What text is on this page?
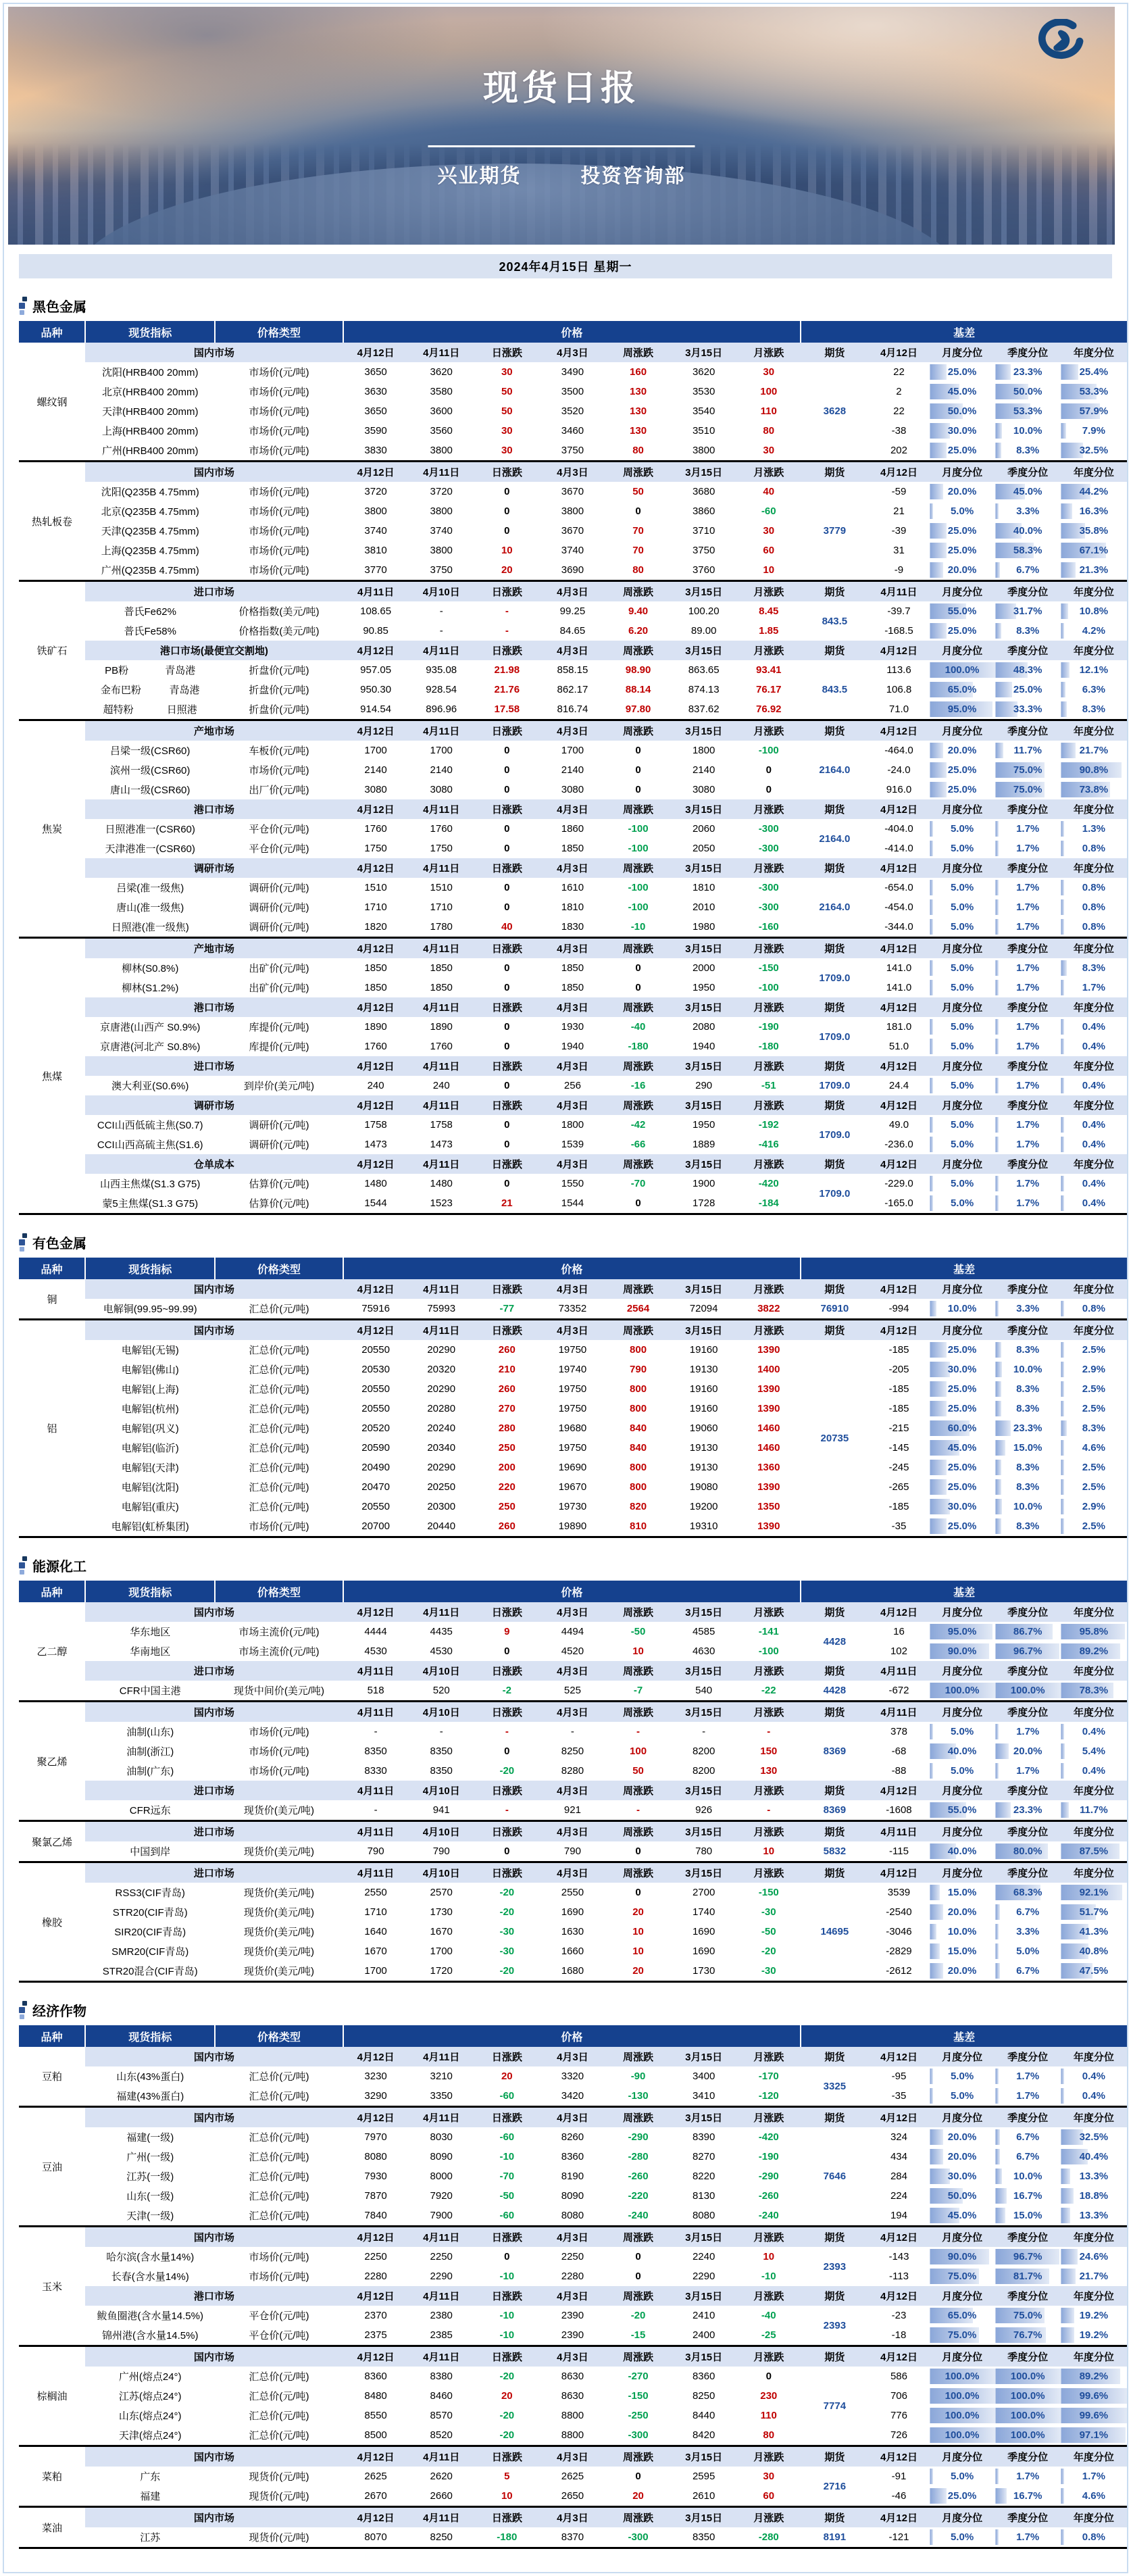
现货日报
兴业期货	投资咨询部
2024年4月15日 星期一
黑色金属
品种	现货指标	价格类型	价格							基差				
螺纹钢	国内市场		4月12日	4月11日	日涨跌	4月3日	周涨跌	3月15日	月涨跌	期货	4月12日	月度分位	季度分位	年度分位
	沈阳(HRB400 20mm)	市场价(元/吨)	3650	3620	30	3490	160	3620	30	3628	22	25.0%	23.3%	25.4%
	北京(HRB400 20mm)	市场价(元/吨)	3630	3580	50	3500	130	3530	100		2	45.0%	50.0%	53.3%
	天津(HRB400 20mm)	市场价(元/吨)	3650	3600	50	3520	130	3540	110		22	50.0%	53.3%	57.9%
	上海(HRB400 20mm)	市场价(元/吨)	3590	3560	30	3460	130	3510	80		-38	30.0%	10.0%	7.9%
	广州(HRB400 20mm)	市场价(元/吨)	3830	3800	30	3750	80	3800	30		202	25.0%	8.3%	32.5%
热轧板卷	国内市场		4月12日	4月11日	日涨跌	4月3日	周涨跌	3月15日	月涨跌	期货	4月12日	月度分位	季度分位	年度分位
	沈阳(Q235B 4.75mm)	市场价(元/吨)	3720	3720	0	3670	50	3680	40	3779	-59	20.0%	45.0%	44.2%
	北京(Q235B 4.75mm)	市场价(元/吨)	3800	3800	0	3800	0	3860	-60		21	5.0%	3.3%	16.3%
	天津(Q235B 4.75mm)	市场价(元/吨)	3740	3740	0	3670	70	3710	30		-39	25.0%	40.0%	35.8%
	上海(Q235B 4.75mm)	市场价(元/吨)	3810	3800	10	3740	70	3750	60		31	25.0%	58.3%	67.1%
	广州(Q235B 4.75mm)	市场价(元/吨)	3770	3750	20	3690	80	3760	10		-9	20.0%	6.7%	21.3%
铁矿石	进口市场		4月11日	4月10日	日涨跌	4月3日	周涨跌	3月15日	月涨跌	期货	4月11日	月度分位	季度分位	年度分位
	普氏Fe62%	价格指数(美元/吨)	108.65	-	-	99.25	9.40	100.20	8.45	843.5	-39.7	55.0%	31.7%	10.8%
	普氏Fe58%	价格指数(美元/吨)	90.85	-	-	84.65	6.20	89.00	1.85		-168.5	25.0%	8.3%	4.2%
	港口市场(最便宜交割地)		4月12日	4月11日	日涨跌	4月3日	周涨跌	3月15日	月涨跌	期货	4月12日	月度分位	季度分位	年度分位

	PB粉 青岛港	折盘价(元/吨)	957.05	935.08	21.98	858.15	98.90	863.65	93.41	843.5	113.6	100.0%	48.3%	12.1%

	金布巴粉 青岛港	折盘价(元/吨)	950.30	928.54	21.76	862.17	88.14	874.13	76.17		106.8	65.0%	25.0%	6.3%

	超特粉 日照港	折盘价(元/吨)	914.54	896.96	17.58	816.74	97.80	837.62	76.92		71.0	95.0%	33.3%	8.3%
焦炭	产地市场		4月12日	4月11日	日涨跌	4月3日	周涨跌	3月15日	月涨跌	期货	4月12日	月度分位	季度分位	年度分位
	吕梁一级(CSR60)	车板价(元/吨)	1700	1700	0	1700	0	1800	-100	2164.0	-464.0	20.0%	11.7%	21.7%
	滨州一级(CSR60)	市场价(元/吨)	2140	2140	0	2140	0	2140	0		-24.0	25.0%	75.0%	90.8%
	唐山一级(CSR60)	出厂价(元/吨)	3080	3080	0	3080	0	3080	0		916.0	25.0%	75.0%	73.8%
	港口市场		4月12日	4月11日	日涨跌	4月3日	周涨跌	3月15日	月涨跌	期货	4月12日	月度分位	季度分位	年度分位
	日照港准一(CSR60)	平仓价(元/吨)	1760	1760	0	1860	-100	2060	-300	2164.0	-404.0	5.0%	1.7%	1.3%
	天津港准一(CSR60)	平仓价(元/吨)	1750	1750	0	1850	-100	2050	-300		-414.0	5.0%	1.7%	0.8%
	调研市场		4月12日	4月11日	日涨跌	4月3日	周涨跌	3月15日	月涨跌	期货	4月12日	月度分位	季度分位	年度分位
	吕梁(准一级焦)	调研价(元/吨)	1510	1510	0	1610	-100	1810	-300	2164.0	-654.0	5.0%	1.7%	0.8%
	唐山(准一级焦)	调研价(元/吨)	1710	1710	0	1810	-100	2010	-300		-454.0	5.0%	1.7%	0.8%
	日照港(准一级焦)	调研价(元/吨)	1820	1780	40	1830	-10	1980	-160		-344.0	5.0%	1.7%	0.8%
焦煤	产地市场		4月12日	4月11日	日涨跌	4月3日	周涨跌	3月15日	月涨跌	期货	4月12日	月度分位	季度分位	年度分位
	柳林(S0.8%)	出矿价(元/吨)	1850	1850	0	1850	0	2000	-150	1709.0	141.0	5.0%	1.7%	8.3%
	柳林(S1.2%)	出矿价(元/吨)	1850	1850	0	1850	0	1950	-100		141.0	5.0%	1.7%	1.7%
	港口市场		4月12日	4月11日	日涨跌	4月3日	周涨跌	3月15日	月涨跌	期货	4月12日	月度分位	季度分位	年度分位
	京唐港(山西产 S0.9%)	库提价(元/吨)	1890	1890	0	1930	-40	2080	-190	1709.0	181.0	5.0%	1.7%	0.4%
	京唐港(河北产 S0.8%)	库提价(元/吨)	1760	1760	0	1940	-180	1940	-180		51.0	5.0%	1.7%	0.4%
	进口市场		4月12日	4月11日	日涨跌	4月3日	周涨跌	3月15日	月涨跌	期货	4月12日	月度分位	季度分位	年度分位
	澳大利亚(S0.6%)	到岸价(美元/吨)	240	240	0	256	-16	290	-51	1709.0	24.4	5.0%	1.7%	0.4%
	调研市场		4月12日	4月11日	日涨跌	4月3日	周涨跌	3月15日	月涨跌	期货	4月12日	月度分位	季度分位	年度分位
	CCI山西低硫主焦(S0.7)	调研价(元/吨)	1758	1758	0	1800	-42	1950	-192	1709.0	49.0	5.0%	1.7%	0.4%
	CCI山西高硫主焦(S1.6)	调研价(元/吨)	1473	1473	0	1539	-66	1889	-416		-236.0	5.0%	1.7%	0.4%
	仓单成本		4月12日	4月11日	日涨跌	4月3日	周涨跌	3月15日	月涨跌	期货	4月12日	月度分位	季度分位	年度分位
	山西主焦煤(S1.3 G75)	估算价(元/吨)	1480	1480	0	1550	-70	1900	-420	1709.0	-229.0	5.0%	1.7%	0.4%
	蒙5主焦煤(S1.3 G75)	估算价(元/吨)	1544	1523	21	1544	0	1728	-184		-165.0	5.0%	1.7%	0.4%
有色金属
品种	现货指标	价格类型	价格							基差				
铜	国内市场		4月12日	4月11日	日涨跌	4月3日	周涨跌	3月15日	月涨跌	期货	4月12日	月度分位	季度分位	年度分位
	电解铜(99.95~99.99)	汇总价(元/吨)	75916	75993	-77	73352	2564	72094	3822	76910	-994	10.0%	3.3%	0.8%
铝	国内市场		4月12日	4月11日	日涨跌	4月3日	周涨跌	3月15日	月涨跌	期货	4月12日	月度分位	季度分位	年度分位
	电解铝(无锡)	汇总价(元/吨)	20550	20290	260	19750	800	19160	1390	20735	-185	25.0%	8.3%	2.5%
	电解铝(佛山)	汇总价(元/吨)	20530	20320	210	19740	790	19130	1400		-205	30.0%	10.0%	2.9%
	电解铝(上海)	汇总价(元/吨)	20550	20290	260	19750	800	19160	1390		-185	25.0%	8.3%	2.5%
	电解铝(杭州)	汇总价(元/吨)	20550	20280	270	19750	800	19160	1390		-185	25.0%	8.3%	2.5%
	电解铝(巩义)	汇总价(元/吨)	20520	20240	280	19680	840	19060	1460		-215	60.0%	23.3%	8.3%
	电解铝(临沂)	汇总价(元/吨)	20590	20340	250	19750	840	19130	1460		-145	45.0%	15.0%	4.6%
	电解铝(天津)	汇总价(元/吨)	20490	20290	200	19690	800	19130	1360		-245	25.0%	8.3%	2.5%
	电解铝(沈阳)	汇总价(元/吨)	20470	20250	220	19670	800	19080	1390		-265	25.0%	8.3%	2.5%
	电解铝(重庆)	汇总价(元/吨)	20550	20300	250	19730	820	19200	1350		-185	30.0%	10.0%	2.9%
	电解铝(虹桥集团)	市场价(元/吨)	20700	20440	260	19890	810	19310	1390		-35	25.0%	8.3%	2.5%
能源化工
品种	现货指标	价格类型	价格							基差				
乙二醇	国内市场		4月12日	4月11日	日涨跌	4月3日	周涨跌	3月15日	月涨跌	期货	4月12日	月度分位	季度分位	年度分位
	华东地区	市场主流价(元/吨)	4444	4435	9	4494	-50	4585	-141	4428	16	95.0%	86.7%	95.8%
	华南地区	市场主流价(元/吨)	4530	4530	0	4520	10	4630	-100		102	90.0%	96.7%	89.2%
	进口市场		4月11日	4月10日	日涨跌	4月3日	周涨跌	3月15日	月涨跌	期货	4月11日	月度分位	季度分位	年度分位
	CFR中国主港	现货中间价(美元/吨)	518	520	-2	525	-7	540	-22	4428	-672	100.0%	100.0%	78.3%
聚乙烯	国内市场		4月11日	4月10日	日涨跌	4月3日	周涨跌	3月15日	月涨跌	期货	4月11日	月度分位	季度分位	年度分位
	油制(山东)	市场价(元/吨)	-	-	-	-	-	-	-	8369	378	5.0%	1.7%	0.4%
	油制(浙江)	市场价(元/吨)	8350	8350	0	8250	100	8200	150		-68	40.0%	20.0%	5.4%
	油制(广东)	市场价(元/吨)	8330	8350	-20	8280	50	8200	130		-88	5.0%	1.7%	0.4%
	进口市场		4月11日	4月10日	日涨跌	4月3日	周涨跌	3月15日	月涨跌	期货	4月12日	月度分位	季度分位	年度分位
	CFR远东	现货价(美元/吨)	-	941	-	921	-	926	-	8369	-1608	55.0%	23.3%	11.7%
聚氯乙烯	进口市场		4月11日	4月10日	日涨跌	4月3日	周涨跌	3月15日	月涨跌	期货	4月11日	月度分位	季度分位	年度分位
	中国到岸	现货价(美元/吨)	790	790	0	790	0	780	10	5832	-115	40.0%	80.0%	87.5%
橡胶	进口市场		4月11日	4月10日	日涨跌	4月3日	周涨跌	3月15日	月涨跌	期货	4月12日	月度分位	季度分位	年度分位
	RSS3(CIF青岛)	现货价(美元/吨)	2550	2570	-20	2550	0	2700	-150	14695	3539	15.0%	68.3%	92.1%
	STR20(CIF青岛)	现货价(美元/吨)	1710	1730	-20	1690	20	1740	-30		-2540	20.0%	6.7%	51.7%
	SIR20(CIF青岛)	现货价(美元/吨)	1640	1670	-30	1630	10	1690	-50		-3046	10.0%	3.3%	41.3%
	SMR20(CIF青岛)	现货价(美元/吨)	1670	1700	-30	1660	10	1690	-20		-2829	15.0%	5.0%	40.8%
	STR20混合(CIF青岛)	现货价(美元/吨)	1700	1720	-20	1680	20	1730	-30		-2612	20.0%	6.7%	47.5%
经济作物
品种	现货指标	价格类型	价格							基差				
豆粕	国内市场		4月12日	4月11日	日涨跌	4月3日	周涨跌	3月15日	月涨跌	期货	4月12日	月度分位	季度分位	年度分位
	山东(43%蛋白)	汇总价(元/吨)	3230	3210	20	3320	-90	3400	-170	3325	-95	5.0%	1.7%	0.4%
	福建(43%蛋白)	汇总价(元/吨)	3290	3350	-60	3420	-130	3410	-120		-35	5.0%	1.7%	0.4%
豆油	国内市场		4月12日	4月11日	日涨跌	4月3日	周涨跌	3月15日	月涨跌	期货	4月12日	月度分位	季度分位	年度分位
	福建(一级)	汇总价(元/吨)	7970	8030	-60	8260	-290	8390	-420	7646	324	20.0%	6.7%	32.5%
	广州(一级)	汇总价(元/吨)	8080	8090	-10	8360	-280	8270	-190		434	20.0%	6.7%	40.4%
	江苏(一级)	汇总价(元/吨)	7930	8000	-70	8190	-260	8220	-290		284	30.0%	10.0%	13.3%
	山东(一级)	汇总价(元/吨)	7870	7920	-50	8090	-220	8130	-260		224	50.0%	16.7%	18.8%
	天津(一级)	汇总价(元/吨)	7840	7900	-60	8080	-240	8080	-240		194	45.0%	15.0%	13.3%
玉米	国内市场		4月12日	4月11日	日涨跌	4月3日	周涨跌	3月15日	月涨跌	期货	4月12日	月度分位	季度分位	年度分位
	哈尔滨(含水量14%)	市场价(元/吨)	2250	2250	0	2250	0	2240	10	2393	-143	90.0%	96.7%	24.6%
	长春(含水量14%)	市场价(元/吨)	2280	2290	-10	2280	0	2290	-10		-113	75.0%	81.7%	21.7%
	港口市场		4月12日	4月11日	日涨跌	4月3日	周涨跌	3月15日	月涨跌	期货	4月12日	月度分位	季度分位	年度分位
	鲅鱼圈港(含水量14.5%)	平仓价(元/吨)	2370	2380	-10	2390	-20	2410	-40	2393	-23	65.0%	75.0%	19.2%
	锦州港(含水量14.5%)	平仓价(元/吨)	2375	2385	-10	2390	-15	2400	-25		-18	75.0%	76.7%	19.2%
棕榈油	国内市场		4月12日	4月11日	日涨跌	4月3日	周涨跌	3月15日	月涨跌	期货	4月12日	月度分位	季度分位	年度分位
	广州(熔点24°)	汇总价(元/吨)	8360	8380	-20	8630	-270	8360	0	7774	586	100.0%	100.0%	89.2%
	江苏(熔点24°)	汇总价(元/吨)	8480	8460	20	8630	-150	8250	230		706	100.0%	100.0%	99.6%
	山东(熔点24°)	汇总价(元/吨)	8550	8570	-20	8800	-250	8440	110		776	100.0%	100.0%	99.6%
	天津(熔点24°)	汇总价(元/吨)	8500	8520	-20	8800	-300	8420	80		726	100.0%	100.0%	97.1%
菜粕	国内市场		4月12日	4月11日	日涨跌	4月3日	周涨跌	3月15日	月涨跌	期货	4月12日	月度分位	季度分位	年度分位
	广东	现货价(元/吨)	2625	2620	5	2625	0	2595	30	2716	-91	5.0%	1.7%	1.7%
	福建	现货价(元/吨)	2670	2660	10	2650	20	2610	60		-46	25.0%	16.7%	4.6%
菜油	国内市场		4月12日	4月11日	日涨跌	4月3日	周涨跌	3月15日	月涨跌	期货	4月12日	月度分位	季度分位	年度分位
	江苏	现货价(元/吨)	8070	8250	-180	8370	-300	8350	-280	8191	-121	5.0%	1.7%	0.8%
